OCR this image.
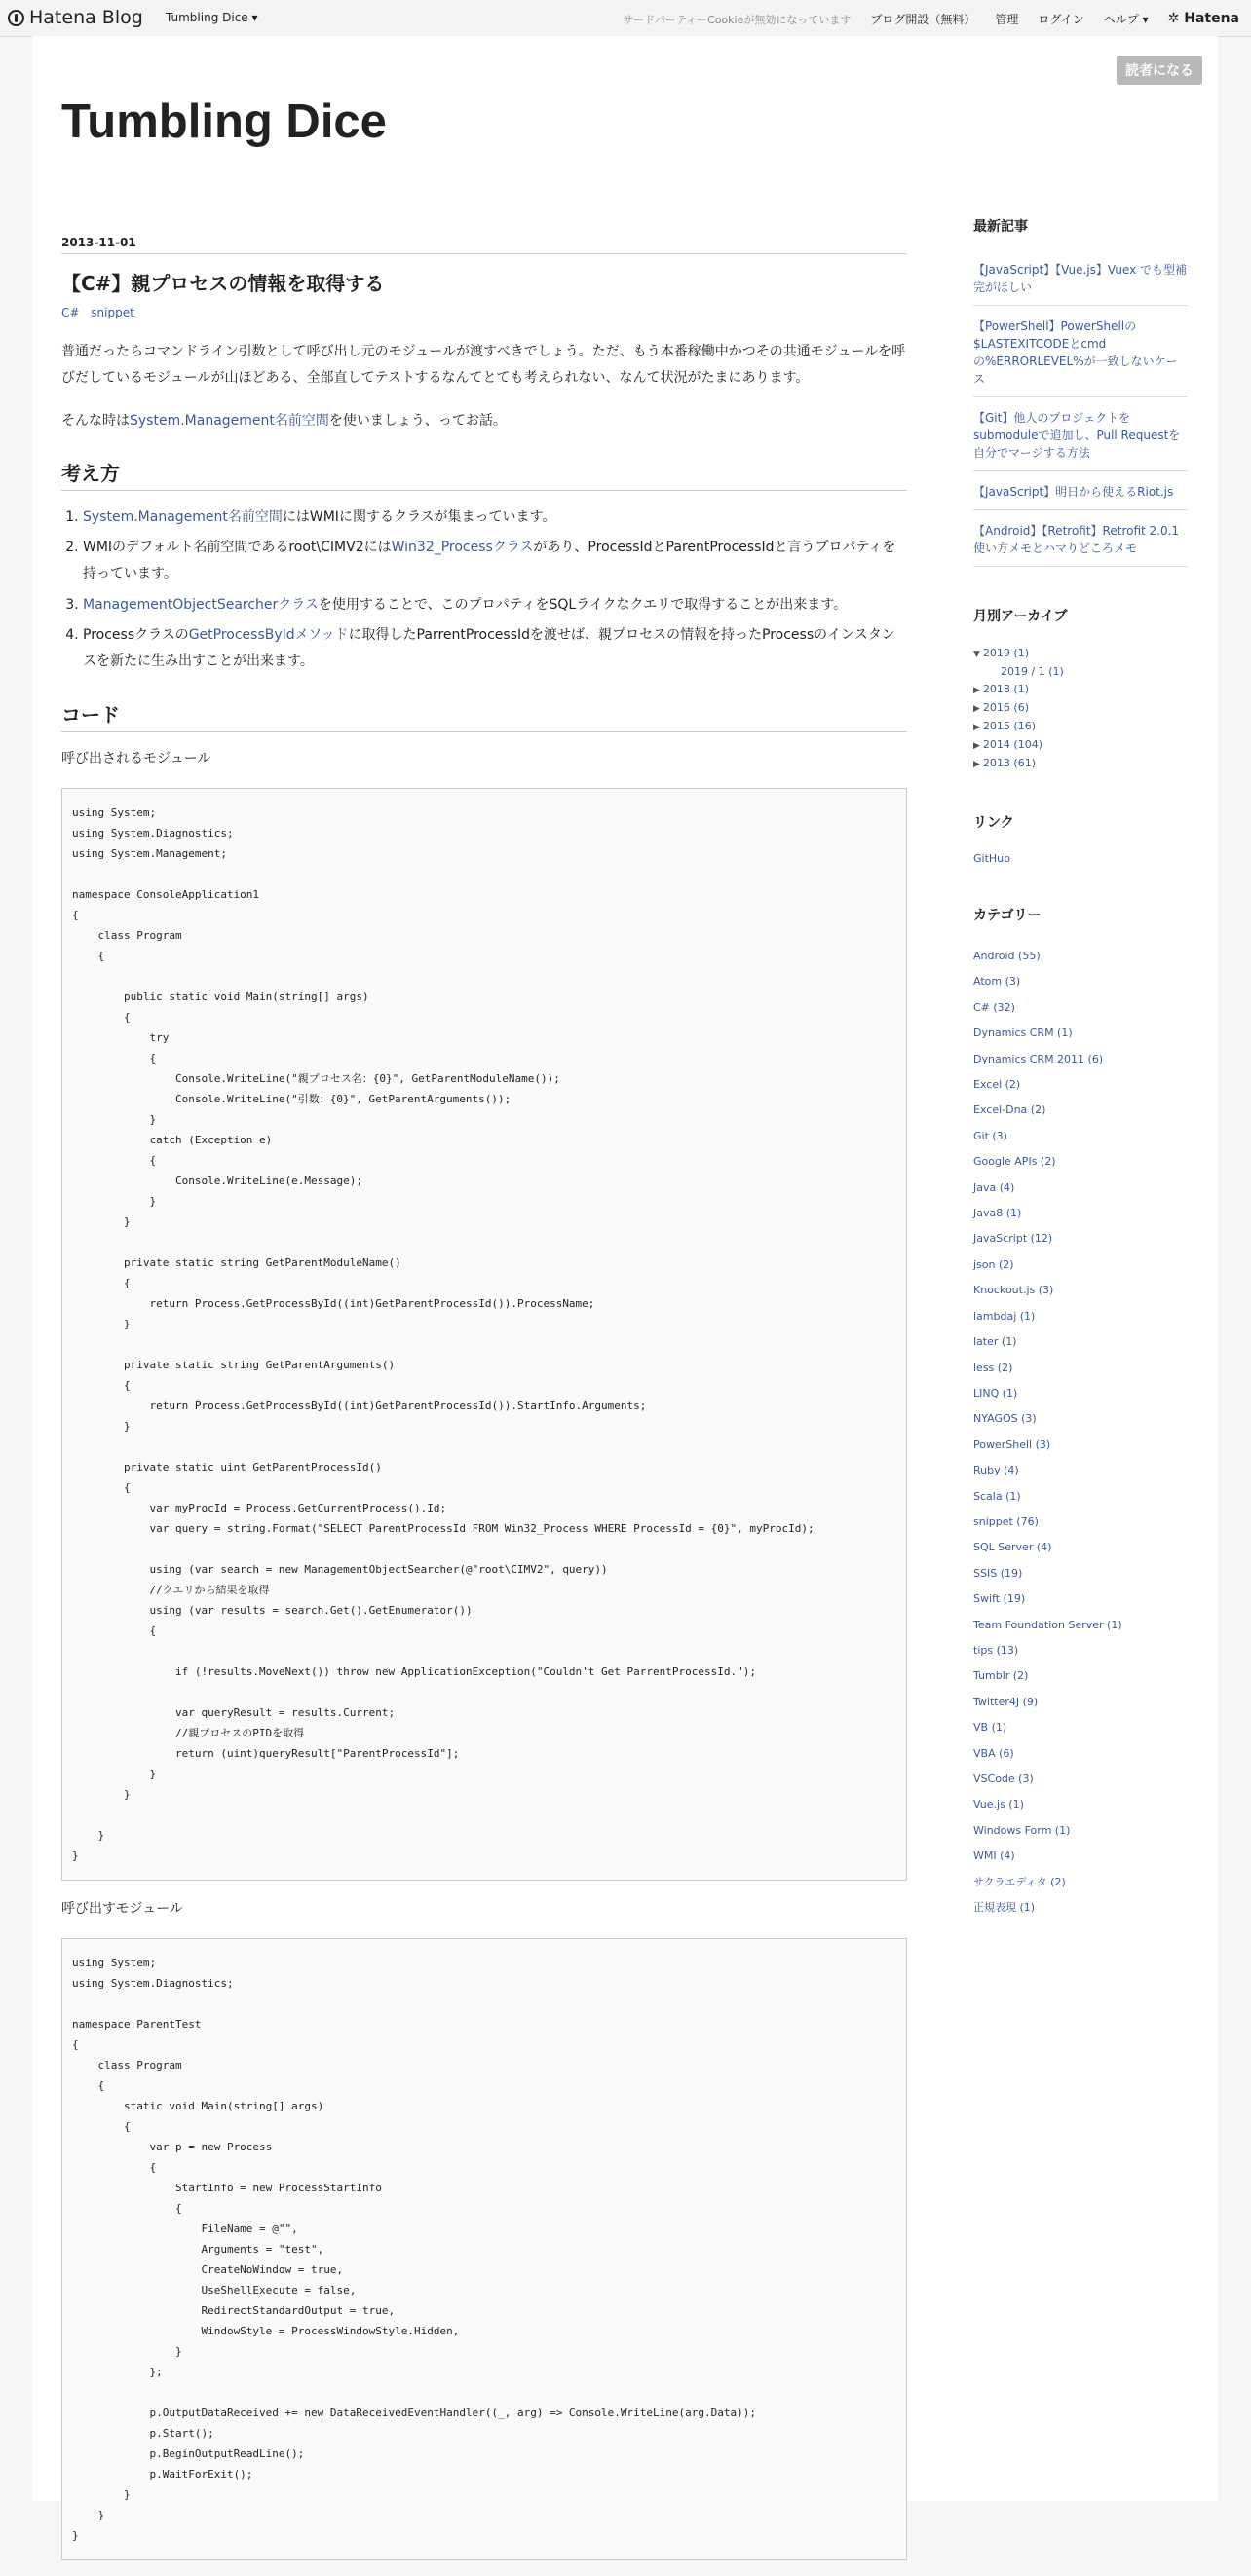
Hatena Blog Tumbling Dice ▾	サードパーティーCookieが無効になっています ブログ開設（無料） 管理 ログイン ヘルプ ▾ ✲ Hatena
読者になる
Tumbling Dice
2013-11-01
【C#】親プロセスの情報を取得する
C# snippet

普通だったらコマンドライン引数として呼び出し元のモジュールが渡すべきでしょう。ただ、もう本番稼働中かつその共通モジュールを呼びだしているモジュールが山ほどある、全部直してテストするなんてとても考えられない、なんて状況がたまにあります。

そんな時はSystem.Management名前空間を使いましょう、ってお話。

考え方
1. System.Management名前空間にはWMIに関するクラスが集まっています。
2. WMIのデフォルト名前空間であるroot\CIMV2にはWin32_Processクラスがあり、ProcessIdとParentProcessIdと言うプロパティを持っています。
3. ManagementObjectSearcherクラスを使用することで、このプロパティをSQLライクなクエリで取得することが出来ます。
4. ProcessクラスのGetProcessByIdメソッドに取得したParrentProcessIdを渡せば、親プロセスの情報を持ったProcessのインスタンスを新たに生み出すことが出来ます。
コード

呼び出されるモジュール

using System;
using System.Diagnostics;
using System.Management;

namespace ConsoleApplication1
{
class Program
{

public static void Main(string[] args)
{
try
{
Console.WriteLine("親プロセス名：{0}", GetParentModuleName());
Console.WriteLine("引数：{0}", GetParentArguments());
}
catch (Exception e)
{
Console.WriteLine(e.Message);
}
}

private static string GetParentModuleName()
{
return Process.GetProcessById((int)GetParentProcessId()).ProcessName;
}

private static string GetParentArguments()
{
return Process.GetProcessById((int)GetParentProcessId()).StartInfo.Arguments;
}

private static uint GetParentProcessId()
{
var myProcId = Process.GetCurrentProcess().Id;
var query = string.Format("SELECT ParentProcessId FROM Win32_Process WHERE ProcessId = {0}", myProcId);

using (var search = new ManagementObjectSearcher(@"root\CIMV2", query))
//クエリから結果を取得
using (var results = search.Get().GetEnumerator())
{

if (!results.MoveNext()) throw new ApplicationException("Couldn't Get ParrentProcessId.");

var queryResult = results.Current;
//親プロセスのPIDを取得
return (uint)queryResult["ParentProcessId"];
}
}

}
}

呼び出すモジュール

using System;
using System.Diagnostics;

namespace ParentTest
{
class Program
{
static void Main(string[] args)
{
var p = new Process
{
StartInfo = new ProcessStartInfo
{
FileName = @"",
Arguments = "test",
CreateNoWindow = true,
UseShellExecute = false,
RedirectStandardOutput = true,
WindowStyle = ProcessWindowStyle.Hidden,
}
};

p.OutputDataReceived += new DataReceivedEventHandler((_, arg) => Console.WriteLine(arg.Data));
p.Start();
p.BeginOutputReadLine();
p.WaitForExit();
}
}
}
最新記事
【JavaScript】【Vue.js】Vuex でも型補完がほしい
【PowerShell】PowerShellの$LASTEXITCODEとcmdの%ERRORLEVEL%が一致しないケース
【Git】他人のプロジェクトをsubmoduleで追加し、Pull Requestを自分でマージする方法
【JavaScript】明日から使えるRiot.js
【Android】【Retrofit】Retrofit 2.0.1 使い方メモとハマりどころメモ
月別アーカイブ
▼ 2019 (1)
2019 / 1 (1)
▶ 2018 (1)
▶ 2016 (6)
▶ 2015 (16)
▶ 2014 (104)
▶ 2013 (61)
リンク
GitHub
カテゴリー
Android (55)
Atom (3)
C# (32)
Dynamics CRM (1)
Dynamics CRM 2011 (6)
Excel (2)
Excel-Dna (2)
Git (3)
Google APIs (2)
Java (4)
Java8 (1)
JavaScript (12)
json (2)
Knockout.js (3)
lambdaj (1)
later (1)
less (2)
LINQ (1)
NYAGOS (3)
PowerShell (3)
Ruby (4)
Scala (1)
snippet (76)
SQL Server (4)
SSIS (19)
Swift (19)
Team Foundation Server (1)
tips (13)
Tumblr (2)
Twitter4J (9)
VB (1)
VBA (6)
VSCode (3)
Vue.js (1)
Windows Form (1)
WMI (4)
サクラエディタ (2)
正規表現 (1)
